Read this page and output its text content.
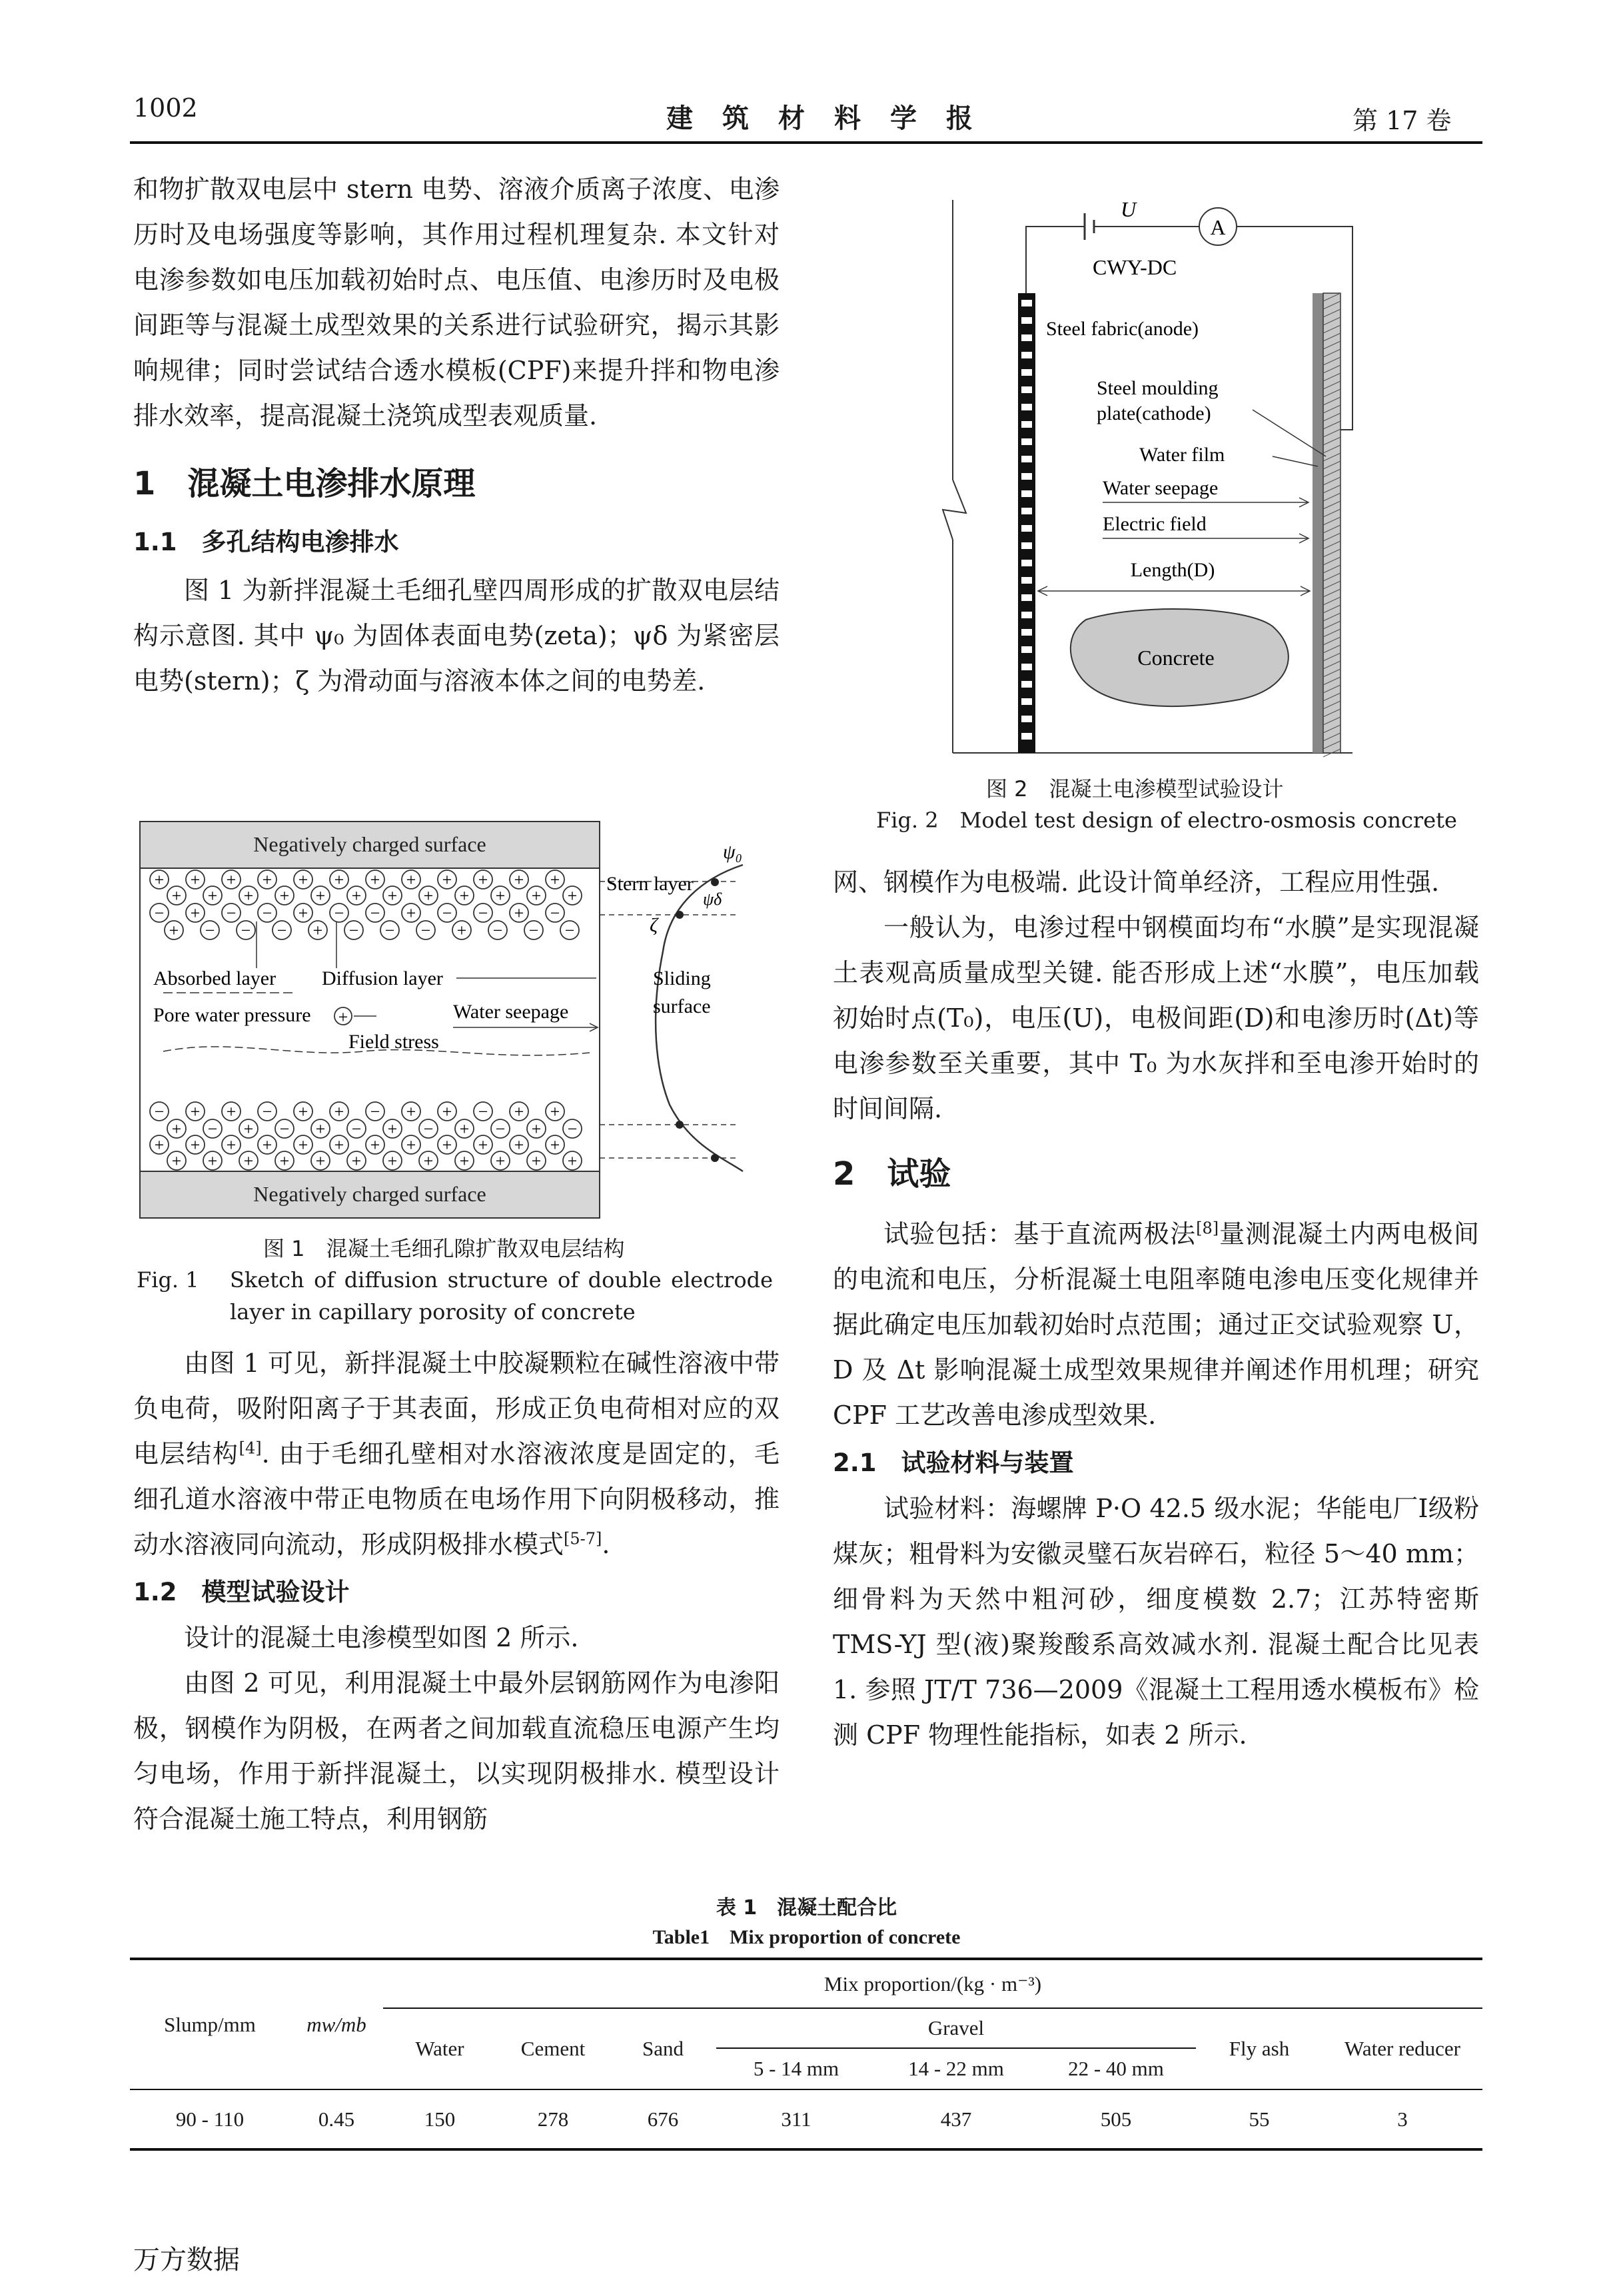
1002	建筑材料学报	第 17 卷

和物扩散双电层中 stern 电势、溶液介质离子浓度、电渗历时及电场强度等影响，其作用过程机理复杂. 本文针对电渗参数如电压加载初始时点、电压值、电渗历时及电极间距等与混凝土成型效果的关系进行试验研究，揭示其影响规律；同时尝试结合透水模板(CPF)来提升拌和物电渗排水效率，提高混凝土浇筑成型表观质量.

1　混凝土电渗排水原理

1.1　多孔结构电渗排水

图 1 为新拌混凝土毛细孔壁四周形成的扩散双电层结构示意图. 其中 ψ₀ 为固体表面电势(zeta)；ψδ 为紧密层电势(stern)；ζ 为滑动面与溶液本体之间的电势差.

Negatively charged surface
Negatively charged surface
ψ₀
ψδ
ζ
Stern layer
Sliding
surface
Absorbed layer Diffusion layer
Pore water pressure +	Water seepage
Field stress
+
+
−
+
−
+
+
+
+
+
+
−
+
−
+
+
+
+
−
−
+
+
+
+
+
+
−
−
−
−
+
+
+
+
+
+
+
+
+
+
+
+
−
−
+
−
+
+
+
+
−
−
−
+
+
+
+
+
+
−
+
−
+
+
+
+
−
+
+
+
+
+
+
+
−
−
−
−
+
+
+
+
+
−
+
+
+
+
+
+
−
−
+
−
+
+
图 1　混凝土毛细孔隙扩散双电层结构
Fig. 1	Sketch of diffusion structure of double electrode layer in capillary porosity of concrete

由图 1 可见，新拌混凝土中胶凝颗粒在碱性溶液中带负电荷，吸附阳离子于其表面，形成正负电荷相对应的双电层结构[4]. 由于毛细孔壁相对水溶液浓度是固定的，毛细孔道水溶液中带正电物质在电场作用下向阴极移动，推动水溶液同向流动，形成阴极排水模式[5-7].

1.2　模型试验设计

设计的混凝土电渗模型如图 2 所示.

由图 2 可见，利用混凝土中最外层钢筋网作为电渗阳极，钢模作为阴极，在两者之间加载直流稳压电源产生均匀电场，作用于新拌混凝土，以实现阴极排水. 模型设计符合混凝土施工特点，利用钢筋

A
U
CWY-DC
Steel fabric(anode)
Steel moulding
plate(cathode)
Water film
Water seepage
Electric field
Length(D)
Concrete
图 2　混凝土电渗模型试验设计
Fig. 2　Model test design of electro-osmosis concrete

网、钢模作为电极端. 此设计简单经济，工程应用性强.

一般认为，电渗过程中钢模面均布“水膜”是实现混凝土表观高质量成型关键. 能否形成上述“水膜”，电压加载初始时点(T₀)，电压(U)，电极间距(D)和电渗历时(Δt)等电渗参数至关重要，其中 T₀ 为水灰拌和至电渗开始时的时间间隔.

2　试验

试验包括：基于直流两极法[8]量测混凝土内两电极间的电流和电压，分析混凝土电阻率随电渗电压变化规律并据此确定电压加载初始时点范围；通过正交试验观察 U，D 及 Δt 影响混凝土成型效果规律并阐述作用机理；研究 CPF 工艺改善电渗成型效果.

2.1　试验材料与装置

试验材料：海螺牌 P·O 42.5 级水泥；华能电厂Ⅰ级粉煤灰；粗骨料为安徽灵璧石灰岩碎石，粒径 5～40 mm；细骨料为天然中粗河砂，细度模数 2.7；江苏特密斯 TMS-YJ 型(液)聚羧酸系高效减水剂. 混凝土配合比见表 1. 参照 JT/T 736—2009《混凝土工程用透水模板布》检测 CPF 物理性能指标，如表 2 所示.

表 1　混凝土配合比
Table1　Mix proportion of concrete
Slump/mm	mw/mb	Mix proportion/(kg · m⁻³)							
		Water	Cement	Sand	Gravel			Fly ash	Water reducer
					5 - 14 mm	14 - 22 mm	22 - 40 mm		
90 - 110	0.45	150	278	676	311	437	505	55	3
万方数据
